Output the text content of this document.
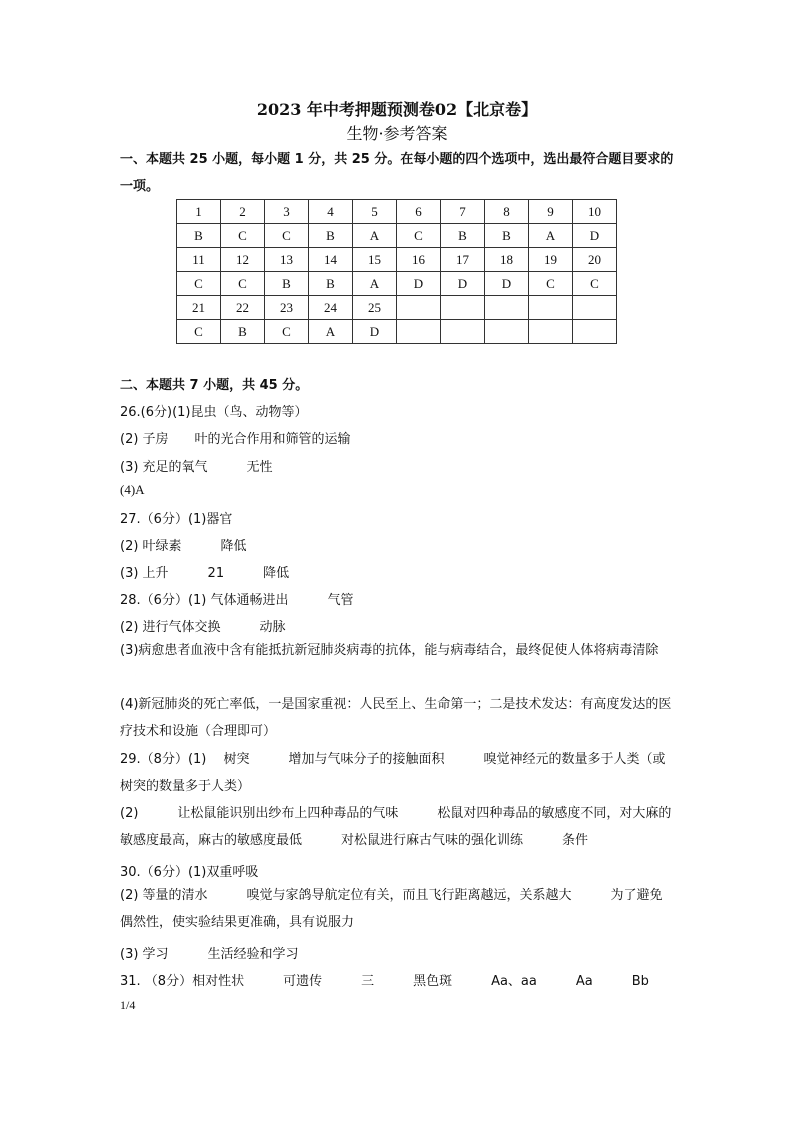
2023 年中考押题预测卷02【北京卷】
生物·参考答案
一、本题共 25 小题，每小题 1 分，共 25 分。在每小题的四个选项中，选出最符合题目要求的一项。
1	2	3	4	5	6	7	8	9	10
B	C	C	B	A	C	B	B	A	D
11	12	13	14	15	16	17	18	19	20
C	C	B	B	A	D	D	D	C	C
21	22	23	24	25					
C	B	C	A	D					
二、本题共 7 小题，共 45 分。
26.(6分)(1)昆虫（鸟、动物等）
(2) 子房　　叶的光合作用和筛管的运输
(3) 充足的氧气　　　无性
(4)A
27.（6分）(1)器官
(2) 叶绿素　　　降低
(3) 上升　　　21　　　降低
28.（6分）(1) 气体通畅进出　　　气管
(2) 进行气体交换　　　动脉
(3)病愈患者血液中含有能抵抗新冠肺炎病毒的抗体，能与病毒结合，最终促使人体将病毒清除
(4)新冠肺炎的死亡率低，一是国家重视：人民至上、生命第一；二是技术发达：有高度发达的医疗技术和设施（合理即可）
29.（8分）(1)　 树突　　　增加与气味分子的接触面积　　　嗅觉神经元的数量多于人类（或树突的数量多于人类）
(2)　　　让松鼠能识别出纱布上四种毒品的气味　　　松鼠对四种毒品的敏感度不同，对大麻的敏感度最高，麻古的敏感度最低　　　对松鼠进行麻古气味的强化训练　　　条件
30.（6分）(1)双重呼吸
(2) 等量的清水　　　嗅觉与家鸽导航定位有关，而且飞行距离越远，关系越大　　　为了避免偶然性，使实验结果更准确，具有说服力
(3) 学习　　　生活经验和学习
31. （8分）相对性状　　　可遗传　　　三　　　黑色斑　　　Aa、aa　　　Aa　　　Bb
1/4
